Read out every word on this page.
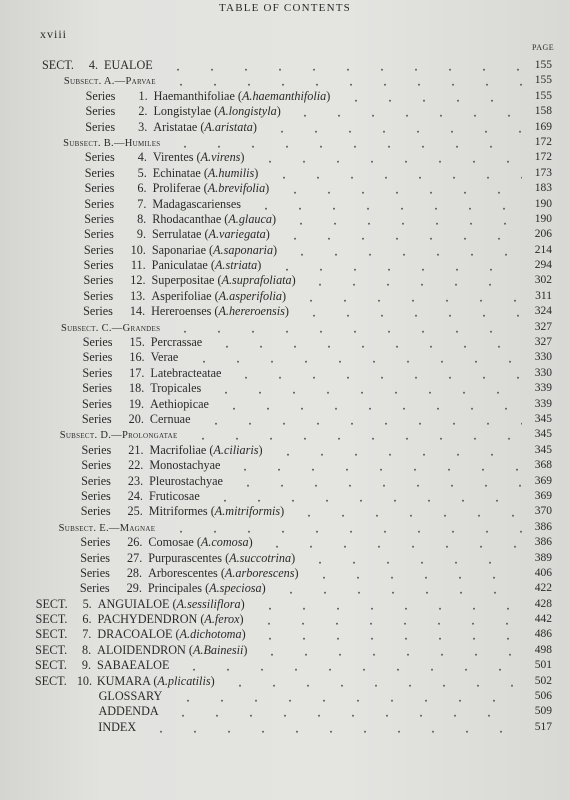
TABLE OF CONTENTS
xviii
PAGE
SECT. 4. EUALOE	155
Subsect. A.—Parvae	155
Series 1. Haemanthifoliae (A.haemanthifolia)	155
Series 2. Longistylae (A.longistyla)	158
Series 3. Aristatae (A.aristata)	169
Subsect. B.—Humiles	172
Series 4. Virentes (A.virens)	172
Series 5. Echinatae (A.humilis)	173
Series 6. Proliferae (A.brevifolia)	183
Series 7. Madagascarienses	190
Series 8. Rhodacanthae (A.glauca)	190
Series 9. Serrulatae (A.variegata)	206
Series 10. Saponariae (A.saponaria)	214
Series 11. Paniculatae (A.striata)	294
Series 12. Superpositae (A.suprafoliata)	302
Series 13. Asperifoliae (A.asperifolia)	311
Series 14. Hereroenses (A.hereroensis)	324
Subsect. C.—Grandes	327
Series 15. Percrassae	327
Series 16. Verae	330
Series 17. Latebracteatae	330
Series 18. Tropicales	339
Series 19. Aethiopicae	339
Series 20. Cernuae	345
Subsect. D.—Prolongatae	345
Series 21. Macrifoliae (A.ciliaris)	345
Series 22. Monostachyae	368
Series 23. Pleurostachyae	369
Series 24. Fruticosae	369
Series 25. Mitriformes (A.mitriformis)	370
Subsect. E.—Magnae	386
Series 26. Comosae (A.comosa)	386
Series 27. Purpurascentes (A.succotrina)	389
Series 28. Arborescentes (A.arborescens)	406
Series 29. Principales (A.speciosa)	422
SECT. 5. ANGUIALOE (A.sessiliflora)	428
SECT. 6. PACHYDENDRON (A.ferox)	442
SECT. 7. DRACOALOE (A.dichotoma)	486
SECT. 8. ALOIDENDRON (A.Bainesii)	498
SECT. 9. SABAEALOE	501
SECT. 10. KUMARA (A.plicatilis)	502
GLOSSARY	506
ADDENDA	509
INDEX	517
